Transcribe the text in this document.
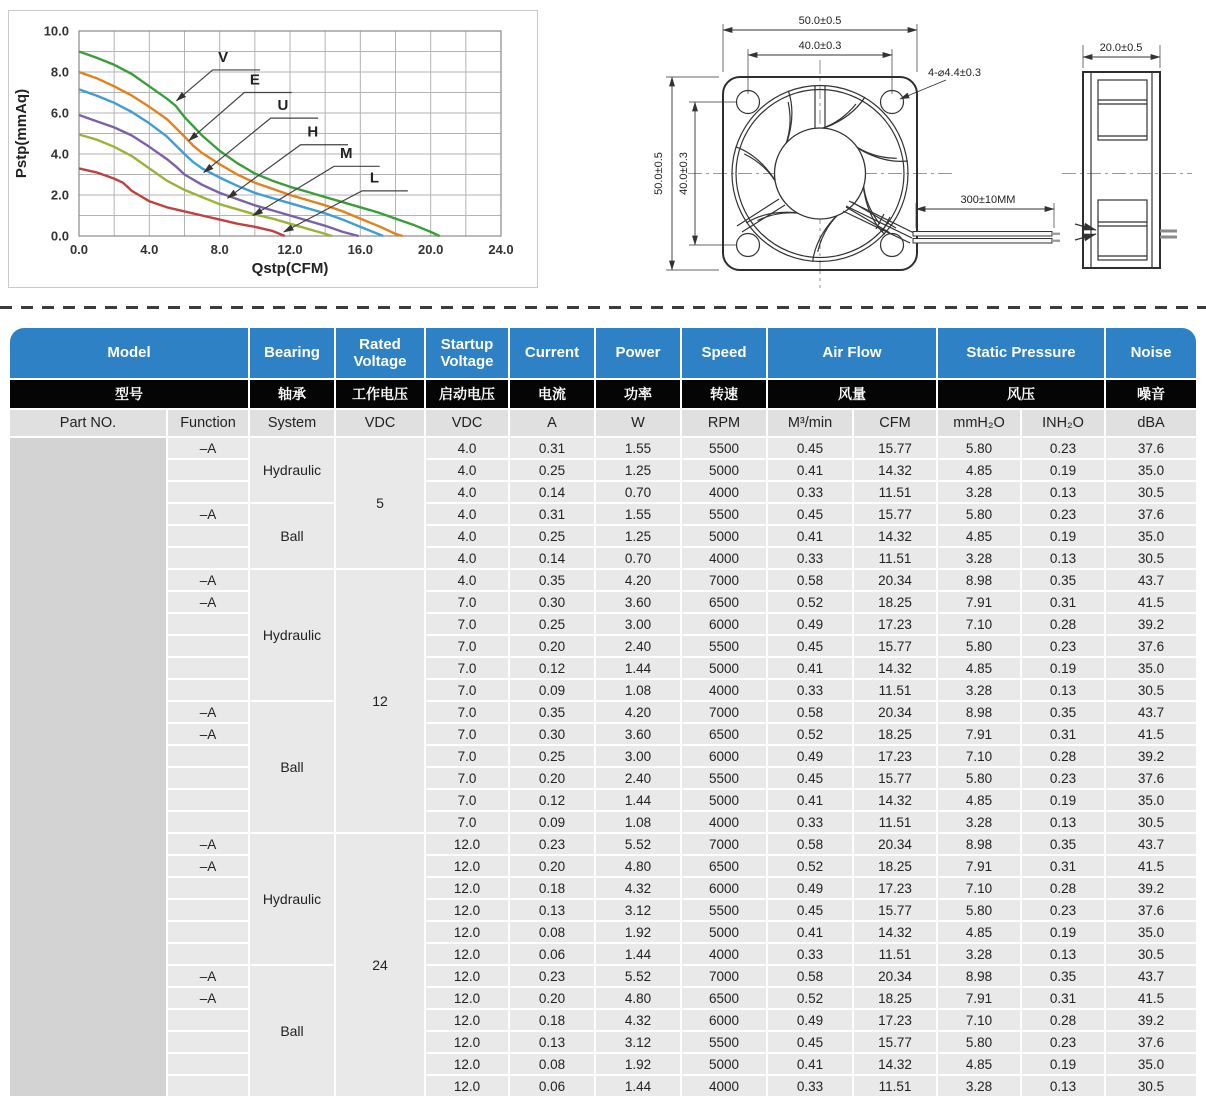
V
E
U
H
M
L
0.0	4.0	8.0	12.0	16.0	20.0	24.0
0.0
2.0
4.0
6.0
8.0
10.0
Qstp(CFM)
Pstp(mmAq)
50.0±0.5
40.0±0.3
4-⌀4.4±0.3
50.0±0.5 40.0±0.3
300±10MM
20.0±0.5
Model		Bearing	Rated Voltage	Startup Voltage	Current	Power	Speed	Air Flow		Static Pressure		Noise
型号		轴承	工作电压	启动电压	电流	功率	转速	风量		风压		噪音
Part NO.	Function	System	VDC	VDC	A	W	RPM	M³/min	CFM	mmH₂O	INH₂O	dBA
	–A	Hydraulic	5	4.0	0.31	1.55	5500	0.45	15.77	5.80	0.23	37.6
				4.0	0.25	1.25	5000	0.41	14.32	4.85	0.19	35.0
				4.0	0.14	0.70	4000	0.33	11.51	3.28	0.13	30.5
	–A	Ball		4.0	0.31	1.55	5500	0.45	15.77	5.80	0.23	37.6
				4.0	0.25	1.25	5000	0.41	14.32	4.85	0.19	35.0
				4.0	0.14	0.70	4000	0.33	11.51	3.28	0.13	30.5
	–A	Hydraulic	12	4.0	0.35	4.20	7000	0.58	20.34	8.98	0.35	43.7
	–A			7.0	0.30	3.60	6500	0.52	18.25	7.91	0.31	41.5
				7.0	0.25	3.00	6000	0.49	17.23	7.10	0.28	39.2
				7.0	0.20	2.40	5500	0.45	15.77	5.80	0.23	37.6
				7.0	0.12	1.44	5000	0.41	14.32	4.85	0.19	35.0
				7.0	0.09	1.08	4000	0.33	11.51	3.28	0.13	30.5
	–A	Ball		7.0	0.35	4.20	7000	0.58	20.34	8.98	0.35	43.7
	–A			7.0	0.30	3.60	6500	0.52	18.25	7.91	0.31	41.5
				7.0	0.25	3.00	6000	0.49	17.23	7.10	0.28	39.2
				7.0	0.20	2.40	5500	0.45	15.77	5.80	0.23	37.6
				7.0	0.12	1.44	5000	0.41	14.32	4.85	0.19	35.0
				7.0	0.09	1.08	4000	0.33	11.51	3.28	0.13	30.5
	–A	Hydraulic	24	12.0	0.23	5.52	7000	0.58	20.34	8.98	0.35	43.7
	–A			12.0	0.20	4.80	6500	0.52	18.25	7.91	0.31	41.5
				12.0	0.18	4.32	6000	0.49	17.23	7.10	0.28	39.2
				12.0	0.13	3.12	5500	0.45	15.77	5.80	0.23	37.6
				12.0	0.08	1.92	5000	0.41	14.32	4.85	0.19	35.0
				12.0	0.06	1.44	4000	0.33	11.51	3.28	0.13	30.5
	–A	Ball		12.0	0.23	5.52	7000	0.58	20.34	8.98	0.35	43.7
	–A			12.0	0.20	4.80	6500	0.52	18.25	7.91	0.31	41.5
				12.0	0.18	4.32	6000	0.49	17.23	7.10	0.28	39.2
				12.0	0.13	3.12	5500	0.45	15.77	5.80	0.23	37.6
				12.0	0.08	1.92	5000	0.41	14.32	4.85	0.19	35.0
				12.0	0.06	1.44	4000	0.33	11.51	3.28	0.13	30.5
